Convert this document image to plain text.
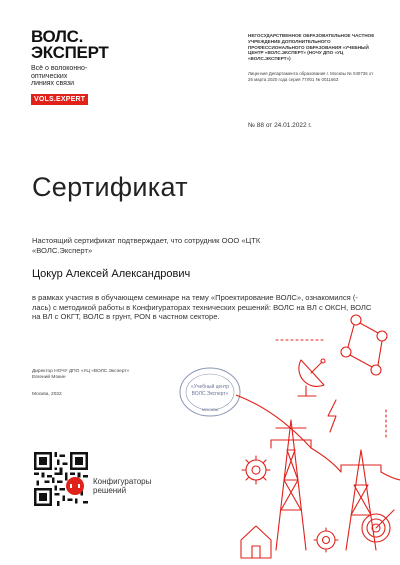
ВОЛС.
ЭКСПЕРТ
Всё о волоконно-
оптических
линиях связи
VOLS.EXPERT
НЕГОСУДАРСТВЕННОЕ ОБРАЗОВАТЕЛЬНОЕ ЧАСТНОЕ УЧРЕЖДЕНИЕ ДОПОЛНИТЕЛЬНОГО ПРОФЕССИОНАЛЬНОГО ОБРАЗОВАНИЯ «УЧЕБНЫЙ ЦЕНТР «ВОЛС.ЭКСПЕРТ» (НОЧУ ДПО «УЦ «ВОЛС.ЭКСПЕРТ»)
Лицензия Департамента образования г. Москвы № 040736 от 26 марта 2020 года серия 77Л01 № 0011663
№ 88 от 24.01.2022 г.
Сертификат
Настоящий сертификат подтверждает, что сотрудник ООО «ЦТК «ВОЛС.Эксперт»
Цокур Алексей Александрович
в рамках участия в обучающем семинаре на тему «Проектирование ВОЛС», ознакомился (-лась) с методикой работы в Конфигураторах технических решений: ВОЛС на ВЛ с ОКСН, ВОЛС на ВЛ с ОКГТ, ВОЛС в грунт, PON в частном секторе.
Директор НОЧУ ДПО «УЦ «ВОЛС.Эксперт»
Евгений Мокин
Москва, 2022
«Учебный центр
ВОЛС.Эксперт»
МОСКВА
Конфигураторы
решений
